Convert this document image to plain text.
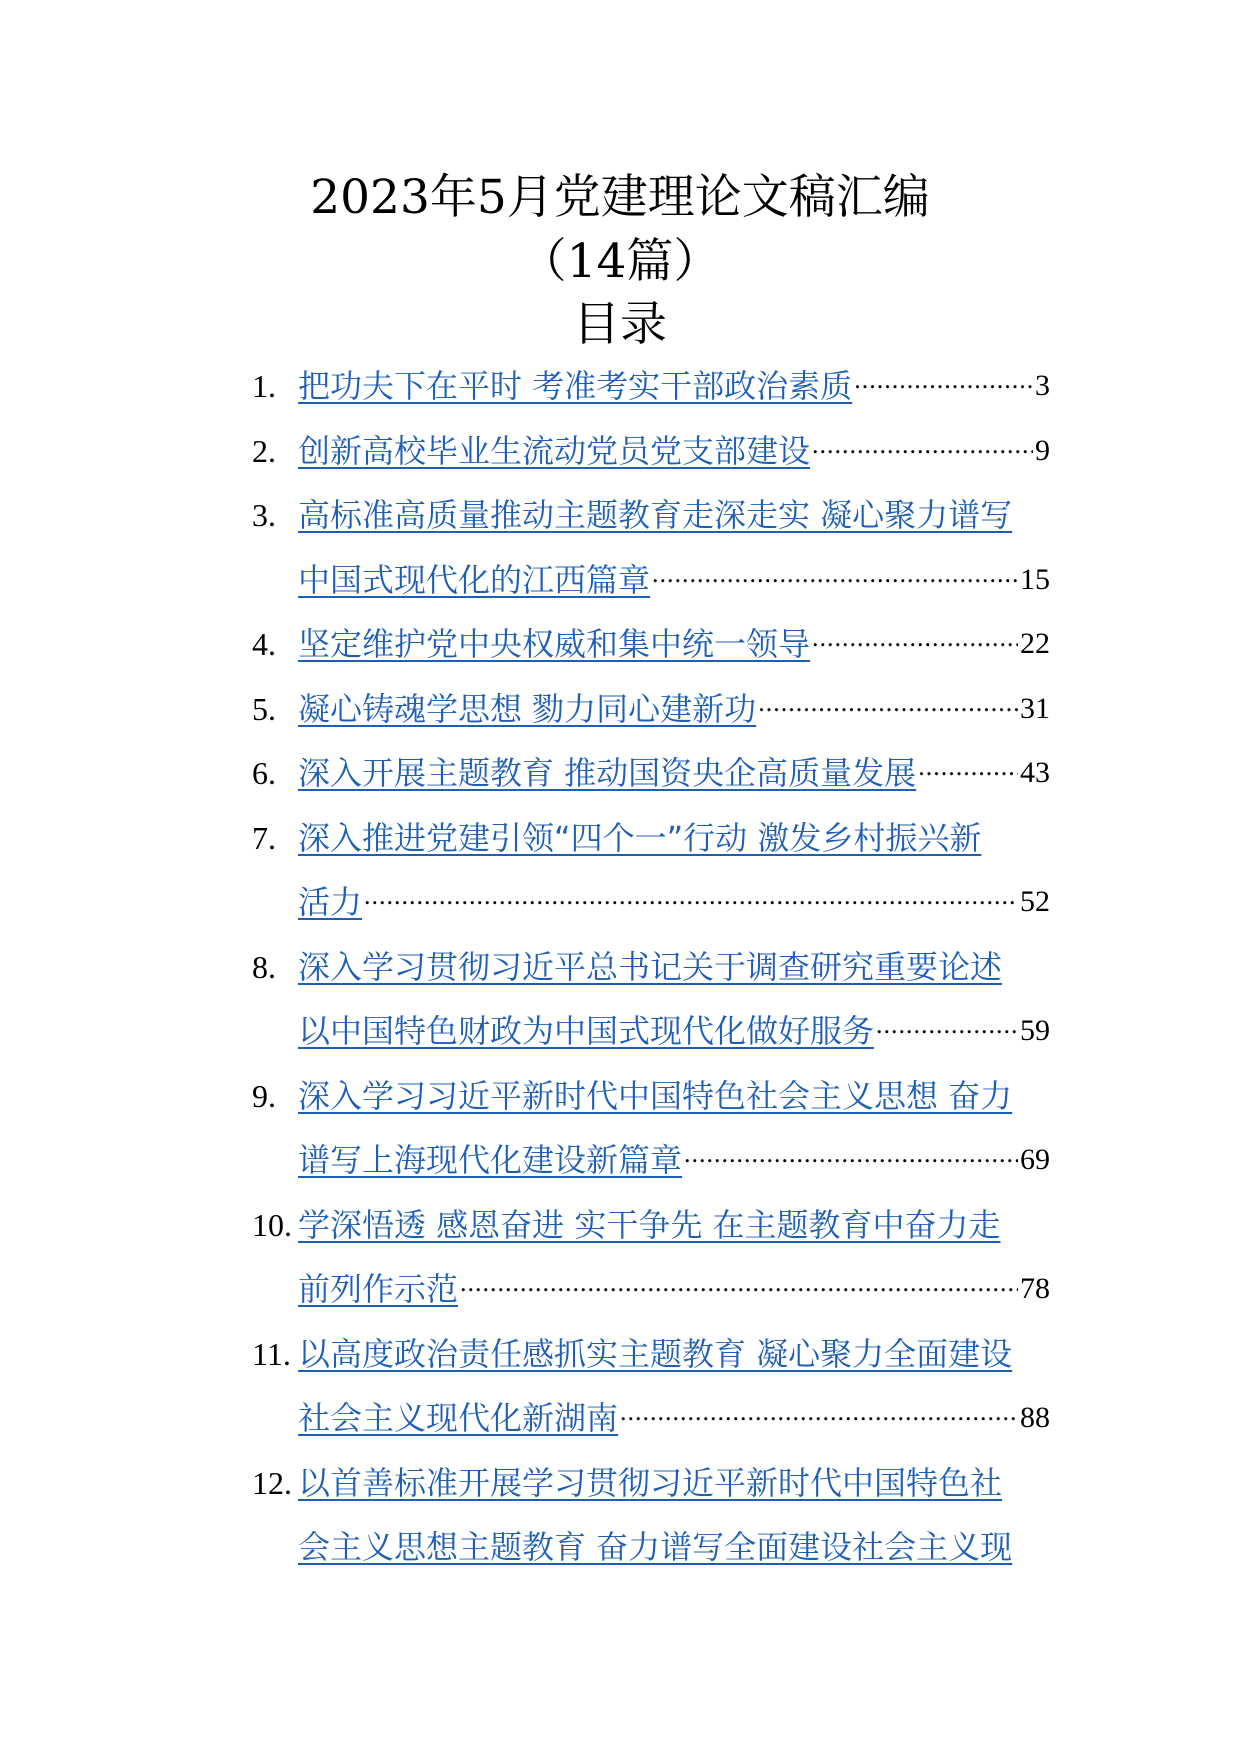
2023年5月党建理论文稿汇编
（14篇）
目录
1. 把功夫下在平时 考准考实干部政治素质 .....	3
2. 创新高校毕业生流动党员党支部建设 .....	9
3. 高标准高质量推动主题教育走深走实 凝心聚力谱写
中国式现代化的江西篇章 .....	15
4. 坚定维护党中央权威和集中统一领导 .....	22
5. 凝心铸魂学思想 勠力同心建新功 .....	31
6. 深入开展主题教育 推动国资央企高质量发展 .....	43
7. 深入推进党建引领“四个一”行动 激发乡村振兴新
活力 .....	52
8. 深入学习贯彻习近平总书记关于调查研究重要论述
以中国特色财政为中国式现代化做好服务 .....	59
9. 深入学习习近平新时代中国特色社会主义思想 奋力
谱写上海现代化建设新篇章 .....	69
10. 学深悟透 感恩奋进 实干争先 在主题教育中奋力走
前列作示范 .....	78
11. 以高度政治责任感抓实主题教育 凝心聚力全面建设
社会主义现代化新湖南 .....	88
12. 以首善标准开展学习贯彻习近平新时代中国特色社
会主义思想主题教育 奋力谱写全面建设社会主义现
